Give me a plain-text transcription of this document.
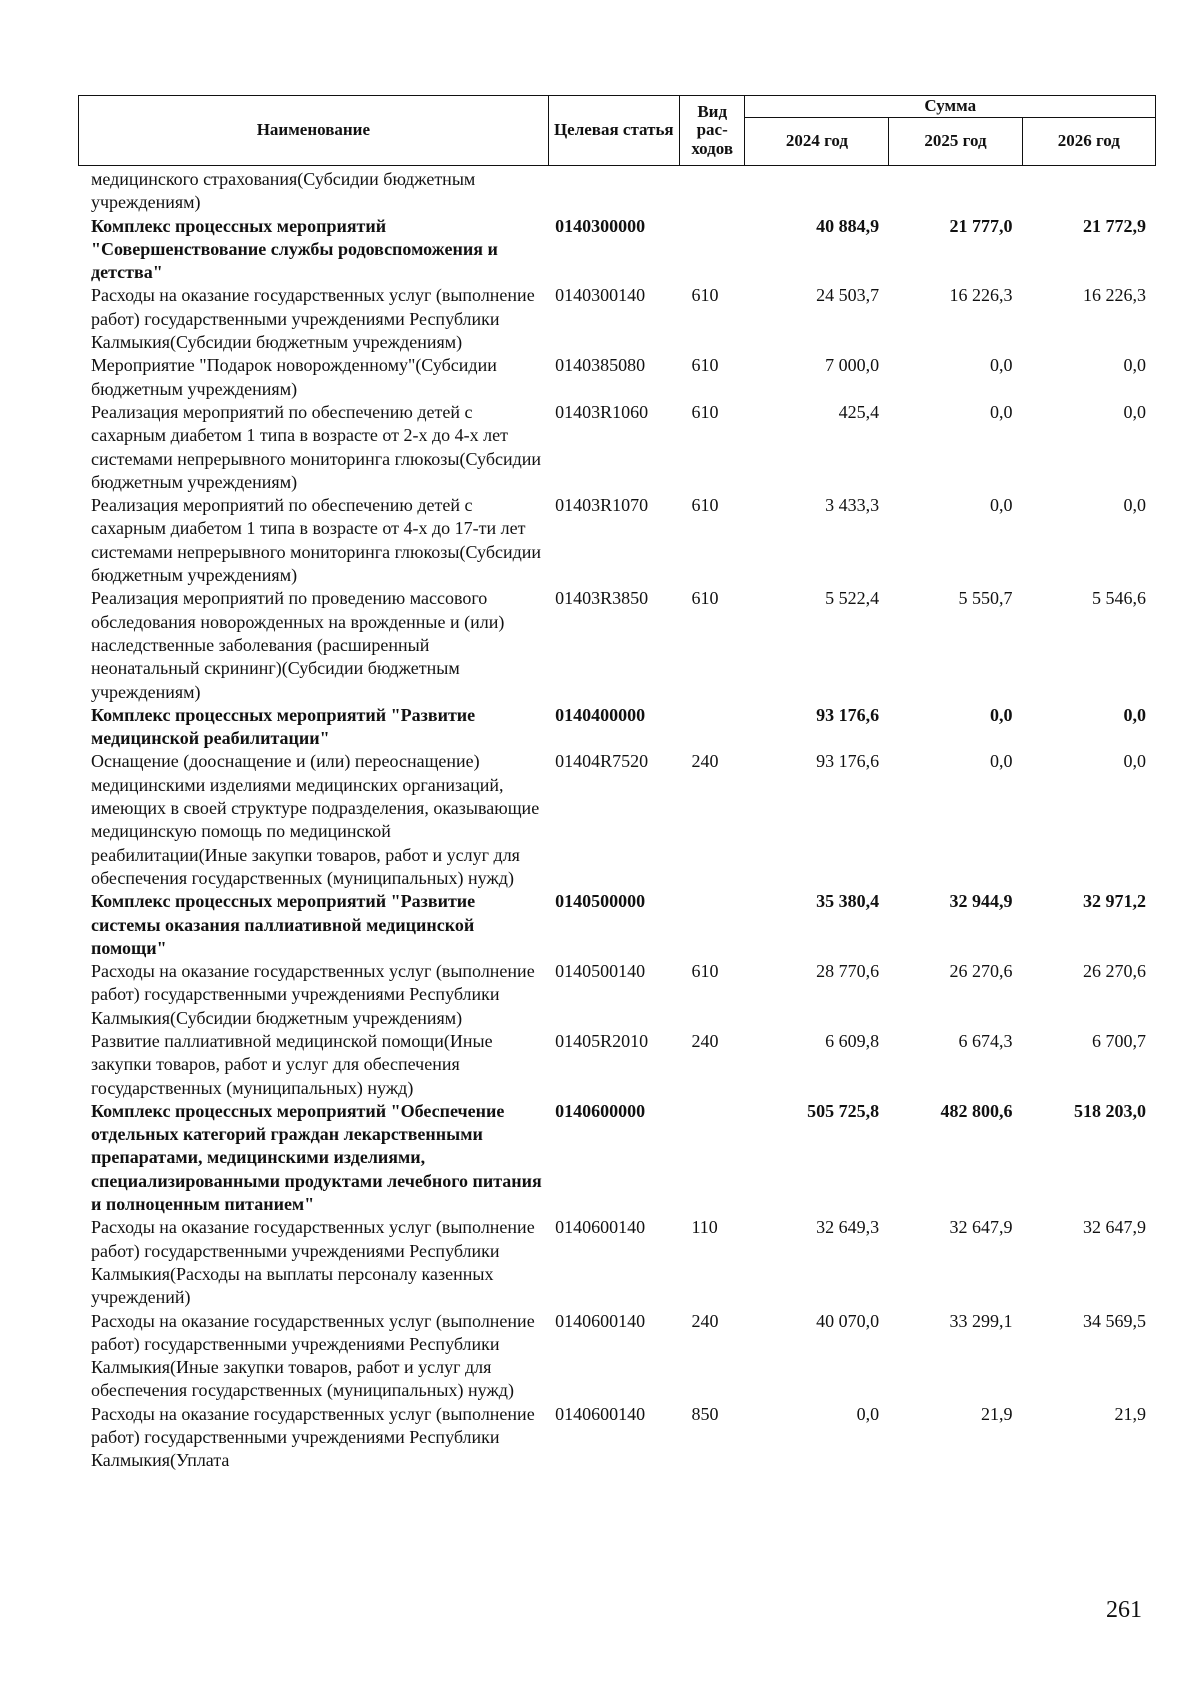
Наименование	Целевая статья	Вид рас-ходов	Сумма		
			2024 год	2025 год	2026 год
медицинского страхования(Субсидии бюджетным учреждениям)					
Комплекс процессных мероприятий "Совершенствование службы родовспоможения и детства"	0140300000		40 884,9	21 777,0	21 772,9
Расходы на оказание государственных услуг (выполнение работ) государственными учреждениями Республики Калмыкия(Субсидии бюджетным учреждениям)	0140300140	610	24 503,7	16 226,3	16 226,3
Мероприятие "Подарок новорожденному"(Субсидии бюджетным учреждениям)	0140385080	610	7 000,0	0,0	0,0
Реализация мероприятий по обеспечению детей с сахарным диабетом 1 типа в возрасте от 2-х до 4-х лет системами непрерывного мониторинга глюкозы(Субсидии бюджетным учреждениям)	01403R1060	610	425,4	0,0	0,0
Реализация мероприятий по обеспечению детей с сахарным диабетом 1 типа в возрасте от 4-х до 17-ти лет системами непрерывного мониторинга глюкозы(Субсидии бюджетным учреждениям)	01403R1070	610	3 433,3	0,0	0,0
Реализация мероприятий по проведению массового обследования новорожденных на врожденные и (или) наследственные заболевания (расширенный неонатальный скрининг)(Субсидии бюджетным учреждениям)	01403R3850	610	5 522,4	5 550,7	5 546,6
Комплекс процессных мероприятий "Развитие медицинской реабилитации"	0140400000		93 176,6	0,0	0,0
Оснащение (дооснащение и (или) переоснащение) медицинскими изделиями медицинских организаций, имеющих в своей структуре подразделения, оказывающие медицинскую помощь по медицинской реабилитации(Иные закупки товаров, работ и услуг для обеспечения государственных (муниципальных) нужд)	01404R7520	240	93 176,6	0,0	0,0
Комплекс процессных мероприятий "Развитие системы оказания паллиативной медицинской помощи"	0140500000		35 380,4	32 944,9	32 971,2
Расходы на оказание государственных услуг (выполнение работ) государственными учреждениями Республики Калмыкия(Субсидии бюджетным учреждениям)	0140500140	610	28 770,6	26 270,6	26 270,6
Развитие паллиативной медицинской помощи(Иные закупки товаров, работ и услуг для обеспечения государственных (муниципальных) нужд)	01405R2010	240	6 609,8	6 674,3	6 700,7
Комплекс процессных мероприятий "Обеспечение отдельных категорий граждан лекарственными препаратами, медицинскими изделиями, специализированными продуктами лечебного питания и полноценным питанием"	0140600000		505 725,8	482 800,6	518 203,0
Расходы на оказание государственных услуг (выполнение работ) государственными учреждениями Республики Калмыкия(Расходы на выплаты персоналу казенных учреждений)	0140600140	110	32 649,3	32 647,9	32 647,9
Расходы на оказание государственных услуг (выполнение работ) государственными учреждениями Республики Калмыкия(Иные закупки товаров, работ и услуг для обеспечения государственных (муниципальных) нужд)	0140600140	240	40 070,0	33 299,1	34 569,5
Расходы на оказание государственных услуг (выполнение работ) государственными учреждениями Республики Калмыкия(Уплата	0140600140	850	0,0	21,9	21,9
261
